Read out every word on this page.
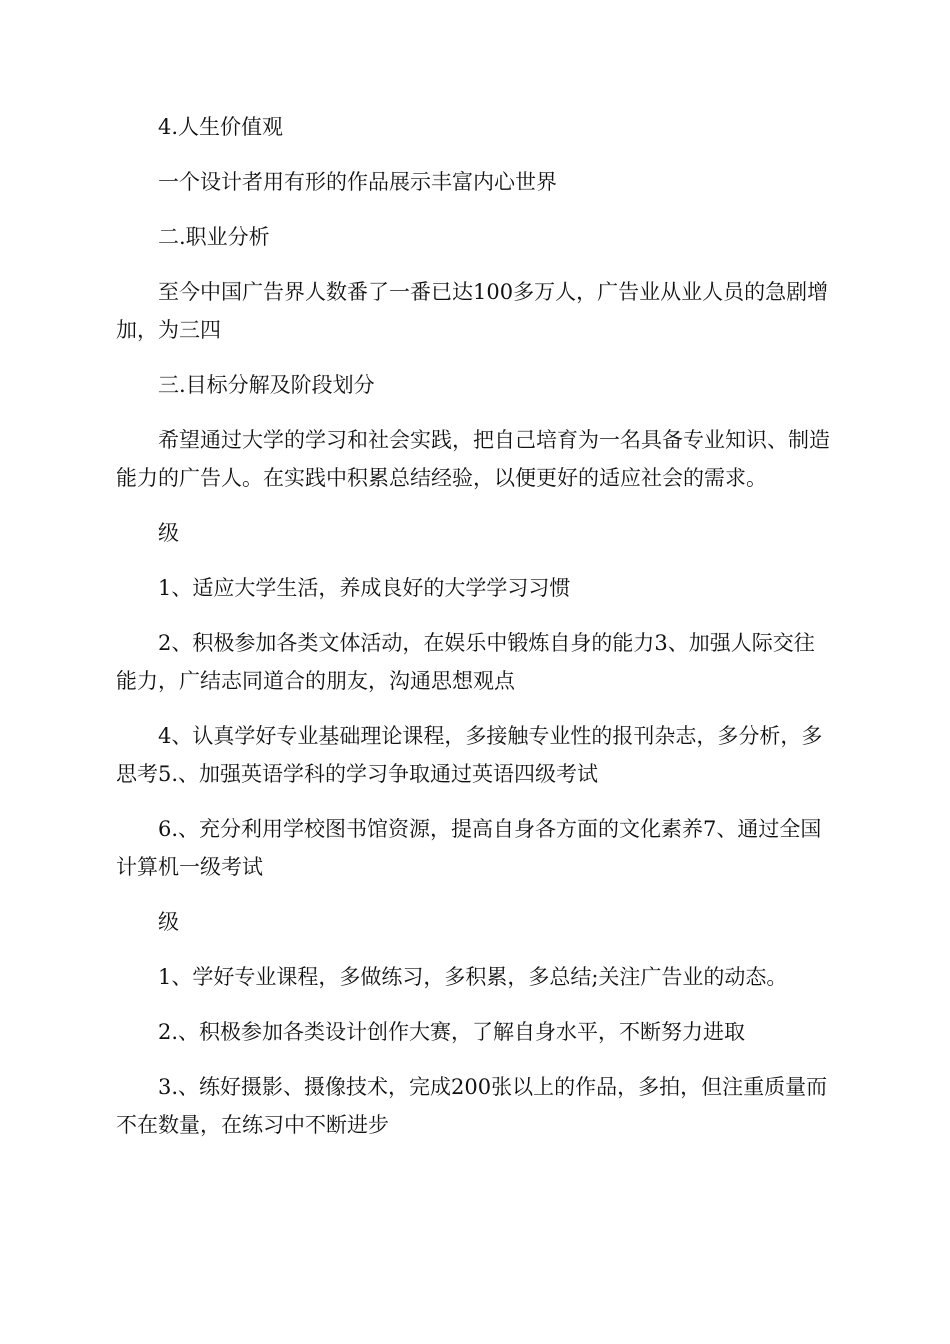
4.人生价值观

一个设计者用有形的作品展示丰富内心世界

二.职业分析

至今中国广告界人数番了一番已达100多万人，广告业从业人员的急剧增加，为三四

三.目标分解及阶段划分

希望通过大学的学习和社会实践，把自己培育为一名具备专业知识、制造能力的广告人。在实践中积累总结经验，以便更好的适应社会的需求。

级

1、适应大学生活，养成良好的大学学习习惯

2、积极参加各类文体活动，在娱乐中锻炼自身的能力3、加强人际交往能力，广结志同道合的朋友，沟通思想观点

4、认真学好专业基础理论课程，多接触专业性的报刊杂志，多分析，多思考5.、加强英语学科的学习争取通过英语四级考试

6.、充分利用学校图书馆资源，提高自身各方面的文化素养7、通过全国计算机一级考试

级

1、学好专业课程，多做练习，多积累，多总结;关注广告业的动态。

2.、积极参加各类设计创作大赛，了解自身水平，不断努力进取

3.、练好摄影、摄像技术，完成200张以上的作品，多拍，但注重质量而不在数量，在练习中不断进步
